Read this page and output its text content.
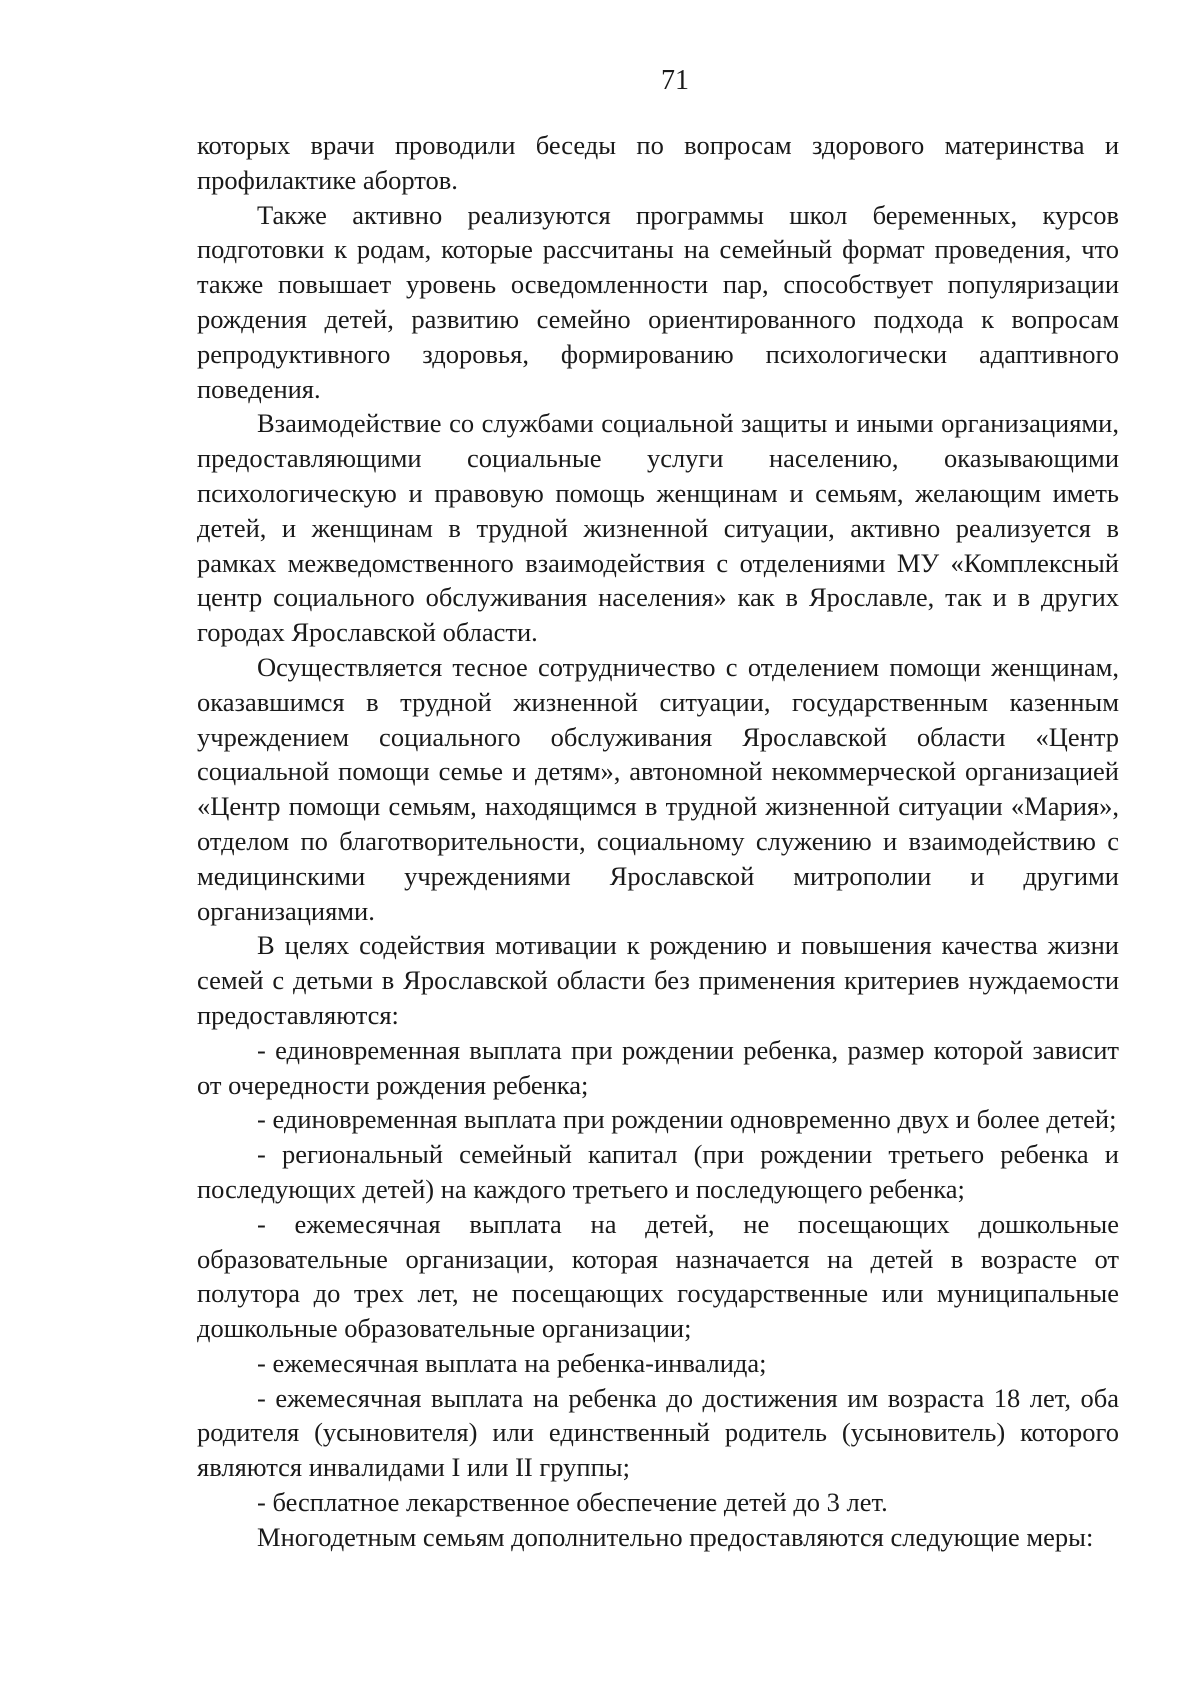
71

которых врачи проводили беседы по вопросам здорового материнства и профилактике абортов.

Также активно реализуются программы школ беременных, курсов подготовки к родам, которые рассчитаны на семейный формат проведения, что также повышает уровень осведомленности пар, способствует популяризации рождения детей, развитию семейно ориентированного подхода к вопросам репродуктивного здоровья, формированию психологически адаптивного поведения.

Взаимодействие со службами социальной защиты и иными организациями, предоставляющими социальные услуги населению, оказывающими психологическую и правовую помощь женщинам и семьям, желающим иметь детей, и женщинам в трудной жизненной ситуации, активно реализуется в рамках межведомственного взаимодействия с отделениями МУ «Комплексный центр социального обслуживания населения» как в Ярославле, так и в других городах Ярославской области.

Осуществляется тесное сотрудничество с отделением помощи женщинам, оказавшимся в трудной жизненной ситуации, государственным казенным учреждением социального обслуживания Ярославской области «Центр социальной помощи семье и детям», автономной некоммерческой организацией «Центр помощи семьям, находящимся в трудной жизненной ситуации «Мария», отделом по благотворительности, социальному служению и взаимодействию с медицинскими учреждениями Ярославской митрополии и другими организациями.

В целях содействия мотивации к рождению и повышения качества жизни семей с детьми в Ярославской области без применения критериев нуждаемости предоставляются:

- единовременная выплата при рождении ребенка, размер которой зависит от очередности рождения ребенка;

- единовременная выплата при рождении одновременно двух и более детей;

- региональный семейный капитал (при рождении третьего ребенка и последующих детей) на каждого третьего и последующего ребенка;

- ежемесячная выплата на детей, не посещающих дошкольные образовательные организации, которая назначается на детей в возрасте от полутора до трех лет, не посещающих государственные или муниципальные дошкольные образовательные организации;

- ежемесячная выплата на ребенка-инвалида;

- ежемесячная выплата на ребенка до достижения им возраста 18 лет, оба родителя (усыновителя) или единственный родитель (усыновитель) которого являются инвалидами I или II группы;

- бесплатное лекарственное обеспечение детей до 3 лет.

Многодетным семьям дополнительно предоставляются следующие меры:
